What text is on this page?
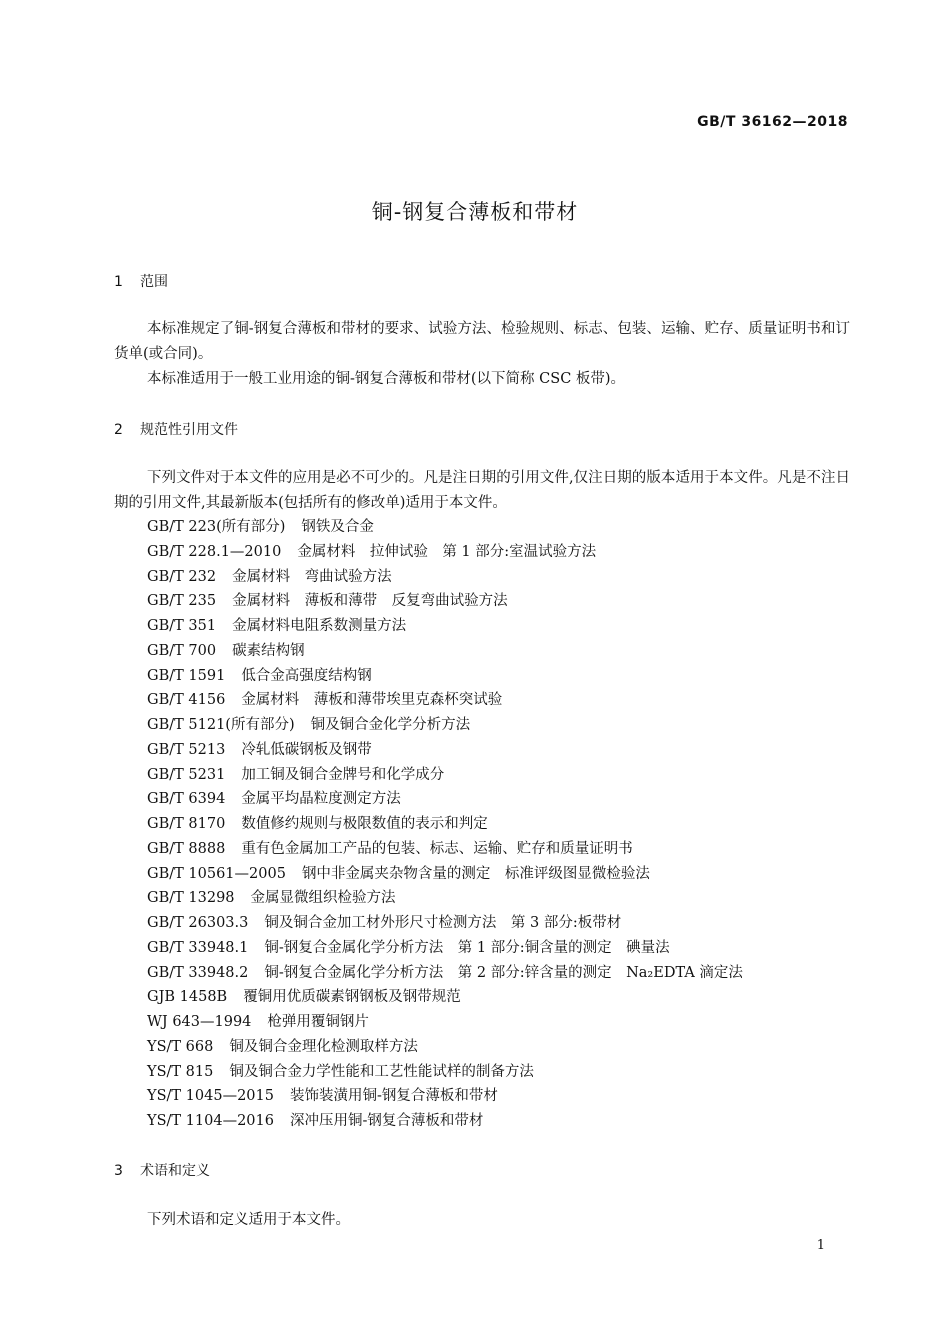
GB/T 36162—2018
铜-钢复合薄板和带材
1 范围

本标准规定了铜-钢复合薄板和带材的要求、试验方法、检验规则、标志、包装、运输、贮存、质量证明书和订货单(或合同)。

本标准适用于一般工业用途的铜-钢复合薄板和带材(以下简称 CSC 板带)。

2 规范性引用文件

下列文件对于本文件的应用是必不可少的。凡是注日期的引用文件,仅注日期的版本适用于本文件。凡是不注日期的引用文件,其最新版本(包括所有的修改单)适用于本文件。

GB/T 223(所有部分) 钢铁及合金
GB/T 228.1—2010 金属材料　拉伸试验　第 1 部分:室温试验方法
GB/T 232 金属材料　弯曲试验方法
GB/T 235 金属材料　薄板和薄带　反复弯曲试验方法
GB/T 351 金属材料电阻系数测量方法
GB/T 700 碳素结构钢
GB/T 1591 低合金高强度结构钢
GB/T 4156 金属材料　薄板和薄带埃里克森杯突试验
GB/T 5121(所有部分) 铜及铜合金化学分析方法
GB/T 5213 冷轧低碳钢板及钢带
GB/T 5231 加工铜及铜合金牌号和化学成分
GB/T 6394 金属平均晶粒度测定方法
GB/T 8170 数值修约规则与极限数值的表示和判定
GB/T 8888 重有色金属加工产品的包装、标志、运输、贮存和质量证明书
GB/T 10561—2005 钢中非金属夹杂物含量的测定　标准评级图显微检验法
GB/T 13298 金属显微组织检验方法
GB/T 26303.3 铜及铜合金加工材外形尺寸检测方法　第 3 部分:板带材
GB/T 33948.1 铜-钢复合金属化学分析方法　第 1 部分:铜含量的测定　碘量法
GB/T 33948.2 铜-钢复合金属化学分析方法　第 2 部分:锌含量的测定　Na₂EDTA 滴定法
GJB 1458B 覆铜用优质碳素钢钢板及钢带规范
WJ 643—1994 枪弹用覆铜钢片
YS/T 668 铜及铜合金理化检测取样方法
YS/T 815 铜及铜合金力学性能和工艺性能试样的制备方法
YS/T 1045—2015 装饰装潢用铜-钢复合薄板和带材
YS/T 1104—2016 深冲压用铜-钢复合薄板和带材
3 术语和定义

下列术语和定义适用于本文件。

1
